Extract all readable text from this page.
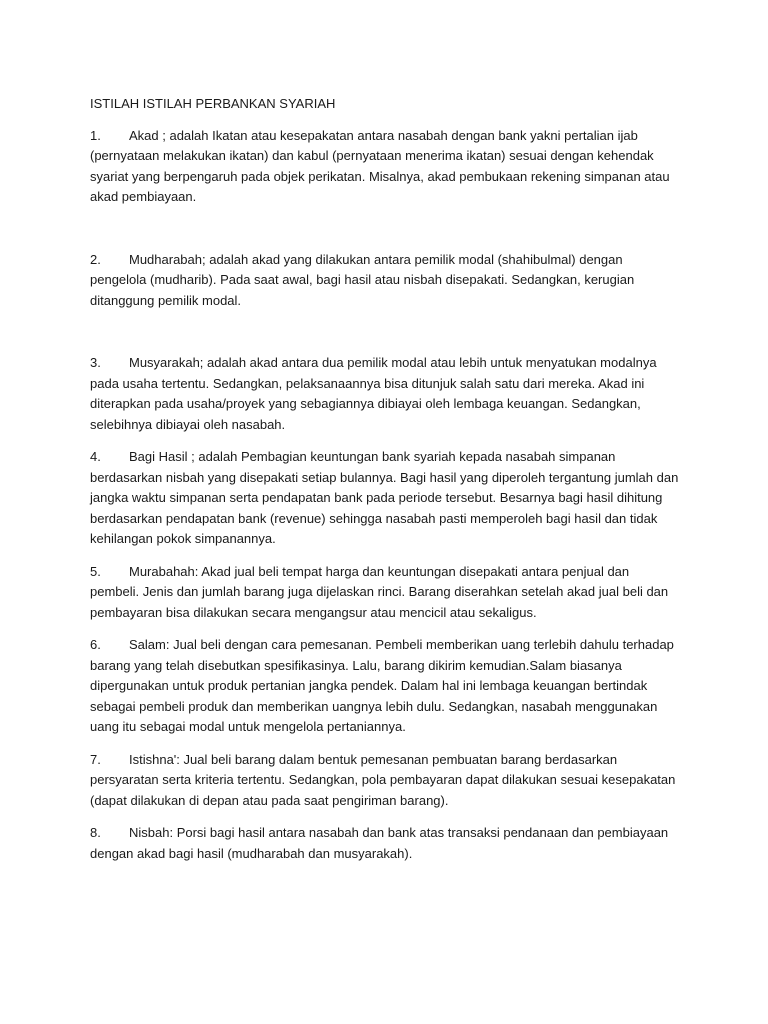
ISTILAH ISTILAH PERBANKAN SYARIAH

1. Akad ; adalah Ikatan atau kesepakatan antara nasabah dengan bank yakni pertalian ijab (pernyataan melakukan ikatan) dan kabul (pernyataan menerima ikatan) sesuai dengan kehendak syariat yang berpengaruh pada objek perikatan. Misalnya, akad pembukaan rekening simpanan atau akad pembiayaan.

2. Mudharabah; adalah akad yang dilakukan antara pemilik modal (shahibulmal) dengan pengelola (mudharib). Pada saat awal, bagi hasil atau nisbah disepakati. Sedangkan, kerugian ditanggung pemilik modal.

3. Musyarakah; adalah akad antara dua pemilik modal atau lebih untuk menyatukan modalnya pada usaha tertentu. Sedangkan, pelaksanaannya bisa ditunjuk salah satu dari mereka. Akad ini diterapkan pada usaha/proyek yang sebagiannya dibiayai oleh lembaga keuangan. Sedangkan, selebihnya dibiayai oleh nasabah.

4. Bagi Hasil ; adalah Pembagian keuntungan bank syariah kepada nasabah simpanan berdasarkan nisbah yang disepakati setiap bulannya. Bagi hasil yang diperoleh tergantung jumlah dan jangka waktu simpanan serta pendapatan bank pada periode tersebut. Besarnya bagi hasil dihitung berdasarkan pendapatan bank (revenue) sehingga nasabah pasti memperoleh bagi hasil dan tidak kehilangan pokok simpanannya.

5. Murabahah: Akad jual beli tempat harga dan keuntungan disepakati antara penjual dan pembeli. Jenis dan jumlah barang juga dijelaskan rinci. Barang diserahkan setelah akad jual beli dan pembayaran bisa dilakukan secara mengangsur atau mencicil atau sekaligus.

6. Salam: Jual beli dengan cara pemesanan. Pembeli memberikan uang terlebih dahulu terhadap barang yang telah disebutkan spesifikasinya. Lalu, barang dikirim kemudian.Salam biasanya dipergunakan untuk produk pertanian jangka pendek. Dalam hal ini lembaga keuangan bertindak sebagai pembeli produk dan memberikan uangnya lebih dulu. Sedangkan, nasabah menggunakan uang itu sebagai modal untuk mengelola pertaniannya.

7. Istishna': Jual beli barang dalam bentuk pemesanan pembuatan barang berdasarkan persyaratan serta kriteria tertentu. Sedangkan, pola pembayaran dapat dilakukan sesuai kesepakatan (dapat dilakukan di depan atau pada saat pengiriman barang).

8. Nisbah: Porsi bagi hasil antara nasabah dan bank atas transaksi pendanaan dan pembiayaan dengan akad bagi hasil (mudharabah dan musyarakah).
